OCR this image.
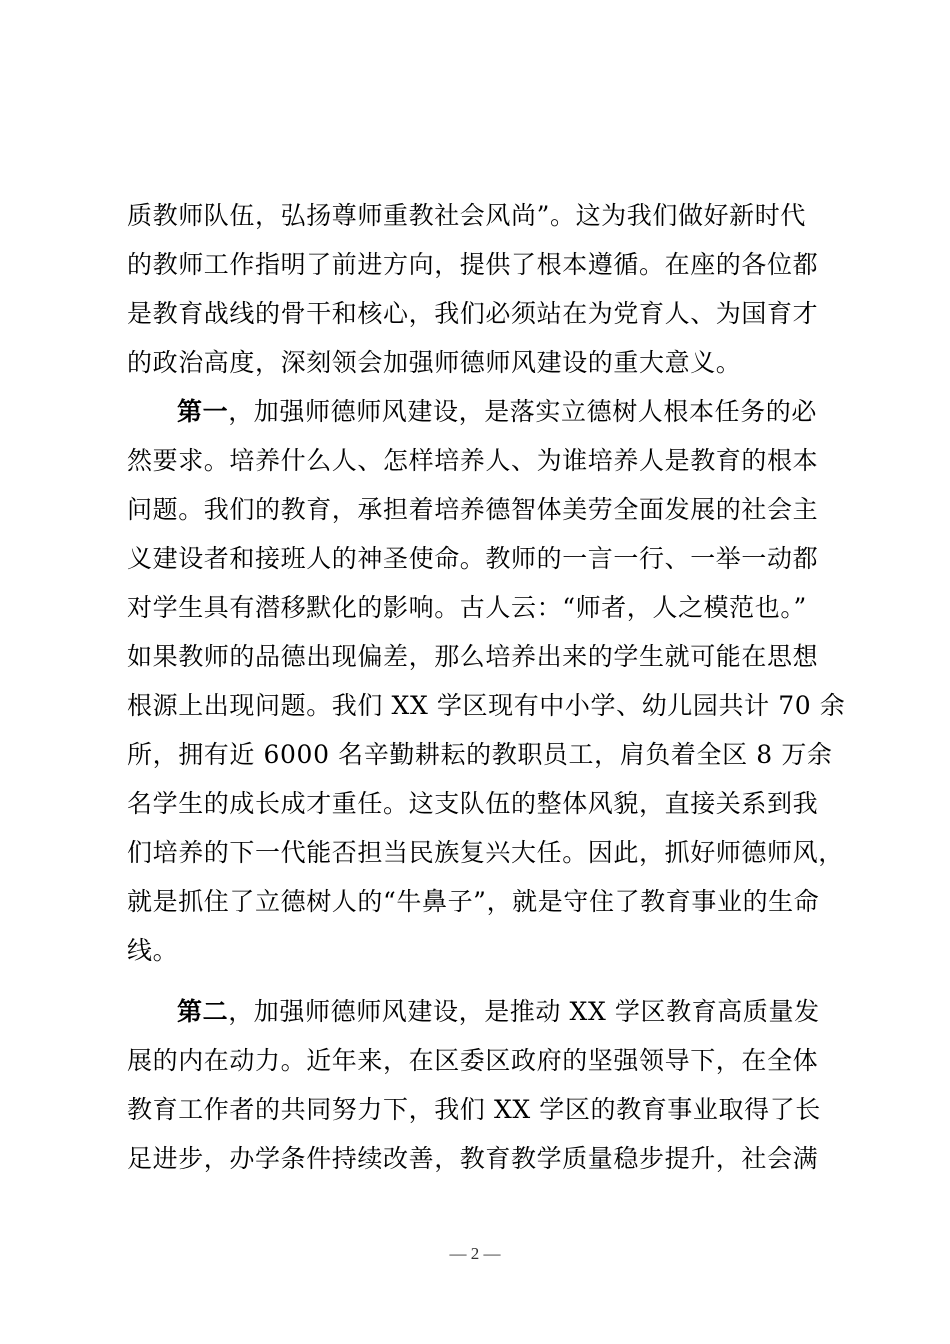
质教师队伍，弘扬尊师重教社会风尚”。这为我们做好新时代
的教师工作指明了前进方向，提供了根本遵循。在座的各位都
是教育战线的骨干和核心，我们必须站在为党育人、为国育才
的政治高度，深刻领会加强师德师风建设的重大意义。
第一，加强师德师风建设，是落实立德树人根本任务的必
然要求。培养什么人、怎样培养人、为谁培养人是教育的根本
问题。我们的教育，承担着培养德智体美劳全面发展的社会主
义建设者和接班人的神圣使命。教师的一言一行、一举一动都
对学生具有潜移默化的影响。古人云：“师者，人之模范也。”
如果教师的品德出现偏差，那么培养出来的学生就可能在思想
根源上出现问题。我们 XX 学区现有中小学、幼儿园共计 70 余
所，拥有近 6000 名辛勤耕耘的教职员工，肩负着全区 8 万余
名学生的成长成才重任。这支队伍的整体风貌，直接关系到我
们培养的下一代能否担当民族复兴大任。因此，抓好师德师风，
就是抓住了立德树人的“牛鼻子”，就是守住了教育事业的生命
线。
第二，加强师德师风建设，是推动 XX 学区教育高质量发
展的内在动力。近年来，在区委区政府的坚强领导下，在全体
教育工作者的共同努力下，我们 XX 学区的教育事业取得了长
足进步，办学条件持续改善，教育教学质量稳步提升，社会满
— 2 —
